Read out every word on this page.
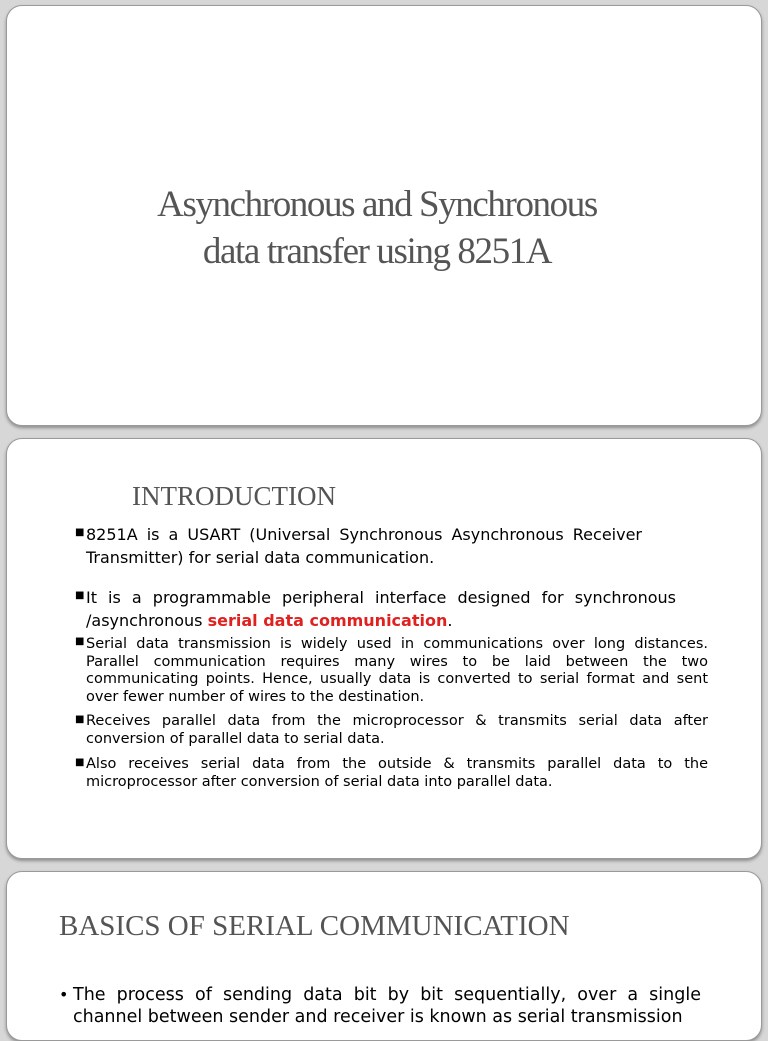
Asynchronous and Synchronous
data transfer using 8251A
INTRODUCTION
■ 8251A is a USART (Universal Synchronous Asynchronous Receiver Transmitter) for serial data communication.
■ It is a programmable peripheral interface designed for synchronous /asynchronous serial data communication.
■ Serial data transmission is widely used in communications over long distances. Parallel communication requires many wires to be laid between the two communicating points. Hence, usually data is converted to serial format and sent over fewer number of wires to the destination.
■ Receives parallel data from the microprocessor & transmits serial data after conversion of parallel data to serial data.
■ Also receives serial data from the outside & transmits parallel data to the microprocessor after conversion of serial data into parallel data.
BASICS OF SERIAL COMMUNICATION
• The process of sending data bit by bit sequentially, over a single channel between sender and receiver is known as serial transmission
